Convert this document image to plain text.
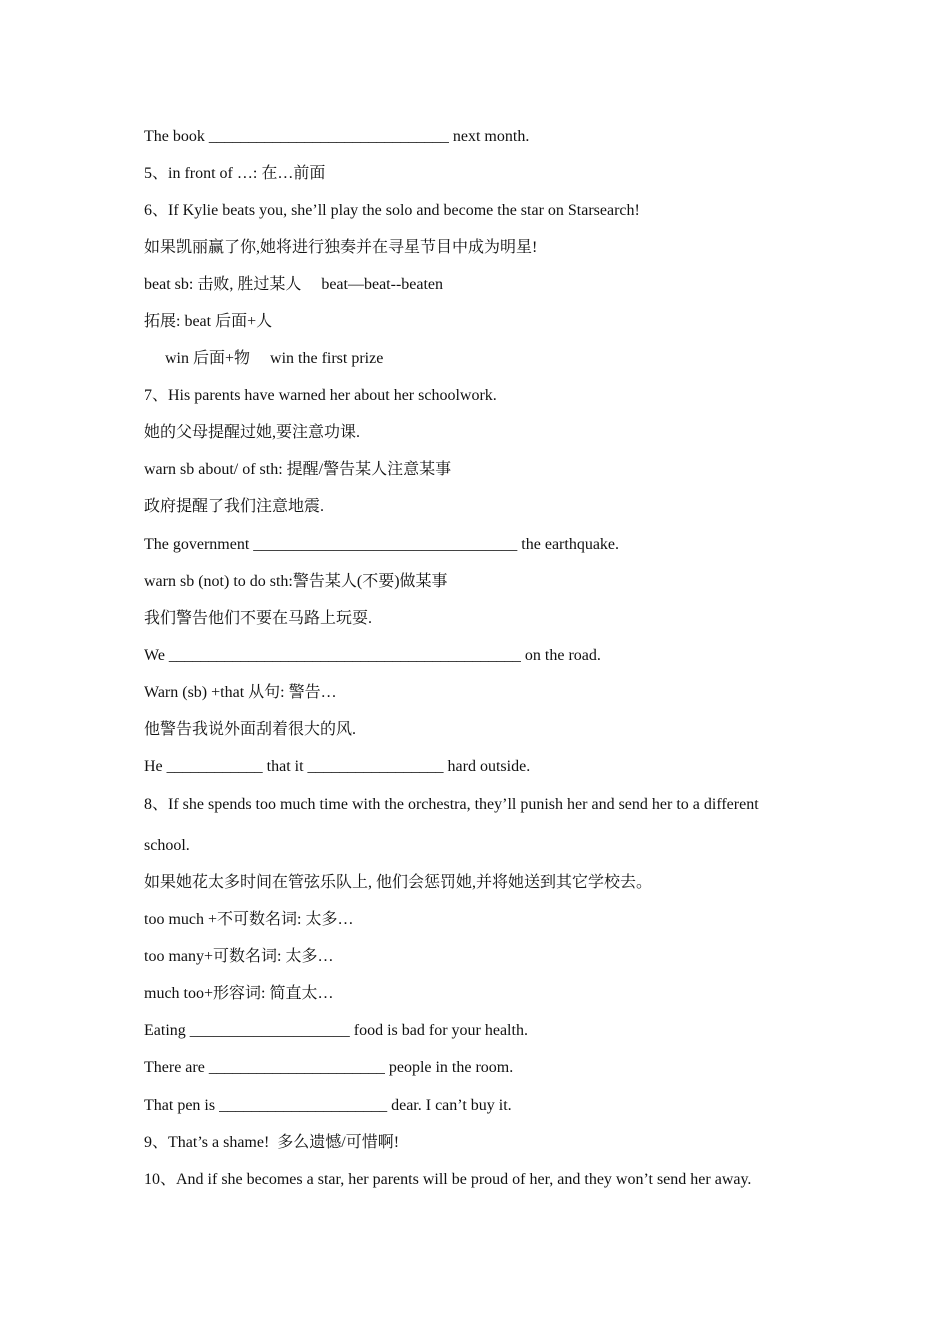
The book ______________________________ next month.
5、in front of …: 在…前面
6、If Kylie beats you, she’ll play the solo and become the star on Starsearch!
如果凯丽赢了你,她将进行独奏并在寻星节目中成为明星!
beat sb: 击败, 胜过某人     beat—beat--beaten
拓展: beat 后面+人
win 后面+物     win the first prize
7、His parents have warned her about her schoolwork.
她的父母提醒过她,要注意功课.
warn sb about/ of sth: 提醒/警告某人注意某事
政府提醒了我们注意地震.
The government _________________________________ the earthquake.
warn sb (not) to do sth:警告某人(不要)做某事
我们警告他们不要在马路上玩耍.
We ____________________________________________ on the road.
Warn (sb) +that 从句: 警告…
他警告我说外面刮着很大的风.
He ____________ that it _________________ hard outside.
8、If she spends too much time with the orchestra, they’ll punish her and send her to a different
school.
如果她花太多时间在管弦乐队上, 他们会惩罚她,并将她送到其它学校去。
too much +不可数名词: 太多…
too many+可数名词: 太多…
much too+形容词: 简直太…
Eating ____________________ food is bad for your health.
There are ______________________ people in the room.
That pen is _____________________ dear. I can’t buy it.
9、That’s a shame!  多么遗憾/可惜啊!
10、And if she becomes a star, her parents will be proud of her, and they won’t send her away.
